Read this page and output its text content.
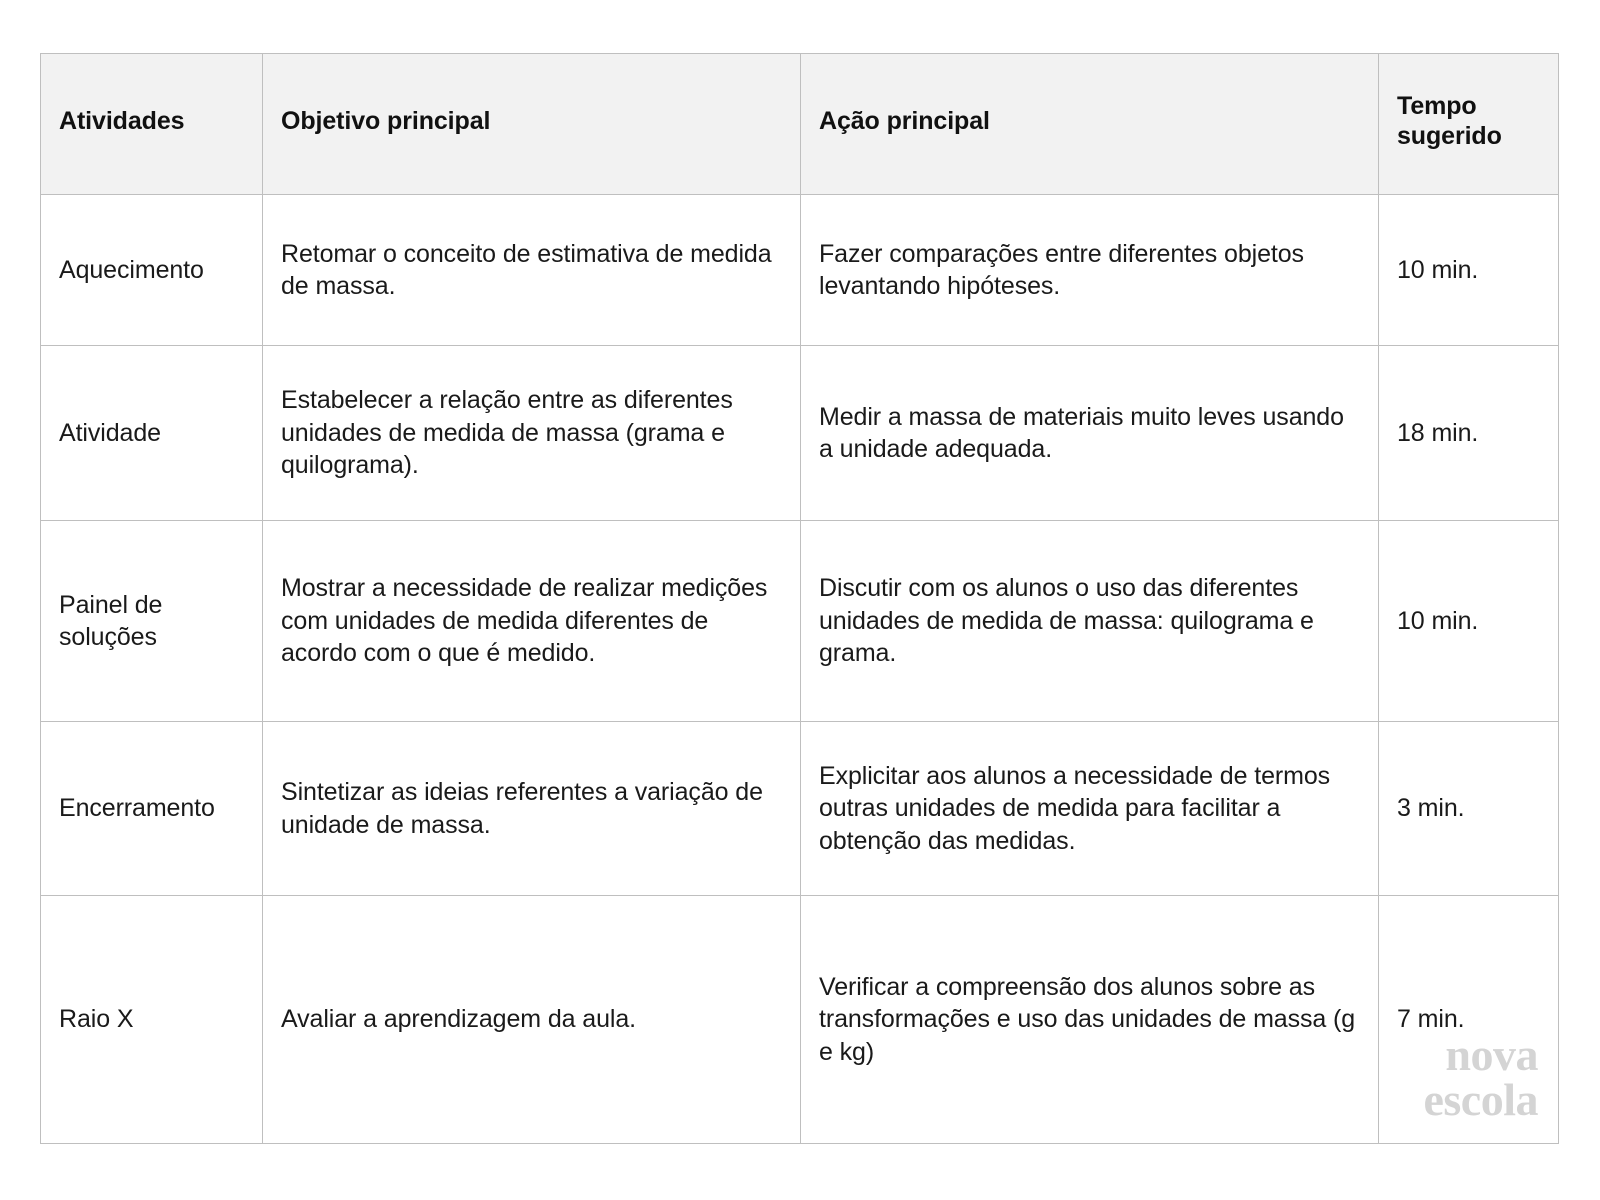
Atividades	Objetivo principal	Ação principal	Tempo sugerido

Aquecimento	Retomar o conceito de estimativa de medida de massa.	Fazer comparações entre diferentes objetos levantando hipóteses.	10 min.

Atividade	Estabelecer a relação entre as diferentes unidades de medida de massa (grama e quilograma).	Medir a massa de materiais muito leves usando a unidade adequada.	18 min.

Painel de soluções	Mostrar a necessidade de realizar medições com unidades de medida diferentes de acordo com o que é medido.	Discutir com os alunos o uso das diferentes unidades de medida de massa: quilograma e grama.	10 min.

Encerramento	Sintetizar as ideias referentes a variação de unidade de massa.	Explicitar aos alunos a necessidade de termos outras unidades de medida para facilitar a obtenção das medidas.	3 min.

Raio X	Avaliar a aprendizagem da aula.	Verificar a compreensão dos alunos sobre as transformações e uso das unidades de massa (g e kg)	7 min.
nova
escola
